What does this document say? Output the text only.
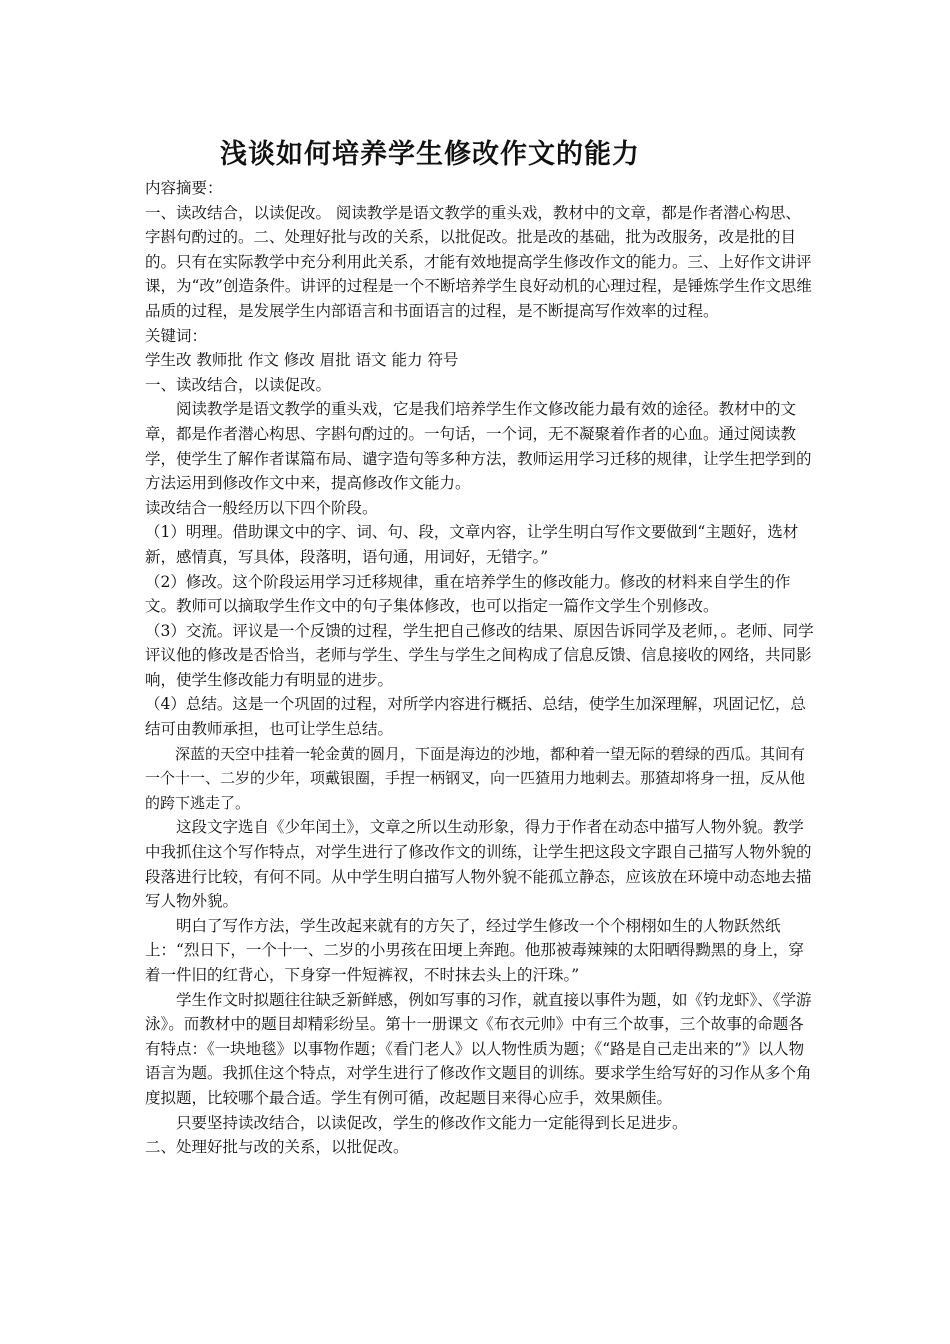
浅谈如何培养学生修改作文的能力

内容摘要：

一、读改结合，以读促改。 阅读教学是语文教学的重头戏，教材中的文章，都是作者潜心构思、字斟句酌过的。二、处理好批与改的关系，以批促改。批是改的基础，批为改服务，改是批的目的。只有在实际教学中充分利用此关系，才能有效地提高学生修改作文的能力。三、上好作文讲评课，为“改”创造条件。讲评的过程是一个不断培养学生良好动机的心理过程，是锤炼学生作文思维品质的过程，是发展学生内部语言和书面语言的过程，是不断提高写作效率的过程。

关键词：

学生改 教师批 作文 修改 眉批 语文 能力 符号

一、读改结合，以读促改。

阅读教学是语文教学的重头戏，它是我们培养学生作文修改能力最有效的途径。教材中的文章，都是作者潜心构思、字斟句酌过的。一句话，一个词，无不凝聚着作者的心血。通过阅读教学，使学生了解作者谋篇布局、谴字造句等多种方法，教师运用学习迁移的规律，让学生把学到的方法运用到修改作文中来，提高修改作文能力。

读改结合一般经历以下四个阶段。

（1）明理。借助课文中的字、词、句、段，文章内容，让学生明白写作文要做到“主题好，选材新，感情真，写具体，段落明，语句通，用词好，无错字。”

（2）修改。这个阶段运用学习迁移规律，重在培养学生的修改能力。修改的材料来自学生的作文。教师可以摘取学生作文中的句子集体修改，也可以指定一篇作文学生个别修改。

（3）交流。评议是一个反馈的过程，学生把自己修改的结果、原因告诉同学及老师，。老师、同学评议他的修改是否恰当，老师与学生、学生与学生之间构成了信息反馈、信息接收的网络，共同影响，使学生修改能力有明显的进步。

（4）总结。这是一个巩固的过程，对所学内容进行概括、总结，使学生加深理解，巩固记忆，总结可由教师承担，也可让学生总结。

深蓝的天空中挂着一轮金黄的圆月，下面是海边的沙地，都种着一望无际的碧绿的西瓜。其间有一个十一、二岁的少年，项戴银圈，手捏一柄钢叉，向一匹猹用力地刺去。那猹却将身一扭，反从他的跨下逃走了。

这段文字选自《少年闰土》，文章之所以生动形象，得力于作者在动态中描写人物外貌。教学中我抓住这个写作特点，对学生进行了修改作文的训练，让学生把这段文字跟自己描写人物外貌的段落进行比较，有何不同。从中学生明白描写人物外貌不能孤立静态，应该放在环境中动态地去描写人物外貌。

明白了写作方法，学生改起来就有的方矢了，经过学生修改一个个栩栩如生的人物跃然纸上：“烈日下，一个十一、二岁的小男孩在田埂上奔跑。他那被毒辣辣的太阳晒得黝黑的身上，穿着一件旧的红背心，下身穿一件短裤衩，不时抹去头上的汗珠。”

学生作文时拟题往往缺乏新鲜感，例如写事的习作，就直接以事件为题，如《钓龙虾》、《学游泳》。而教材中的题目却精彩纷呈。第十一册课文《布衣元帅》中有三个故事，三个故事的命题各有特点：《一块地毯》以事物作题；《看门老人》以人物性质为题；《“路是自己走出来的”》以人物语言为题。我抓住这个特点，对学生进行了修改作文题目的训练。要求学生给写好的习作从多个角度拟题，比较哪个最合适。学生有例可循，改起题目来得心应手，效果颇佳。

只要坚持读改结合，以读促改，学生的修改作文能力一定能得到长足进步。

二、处理好批与改的关系，以批促改。
